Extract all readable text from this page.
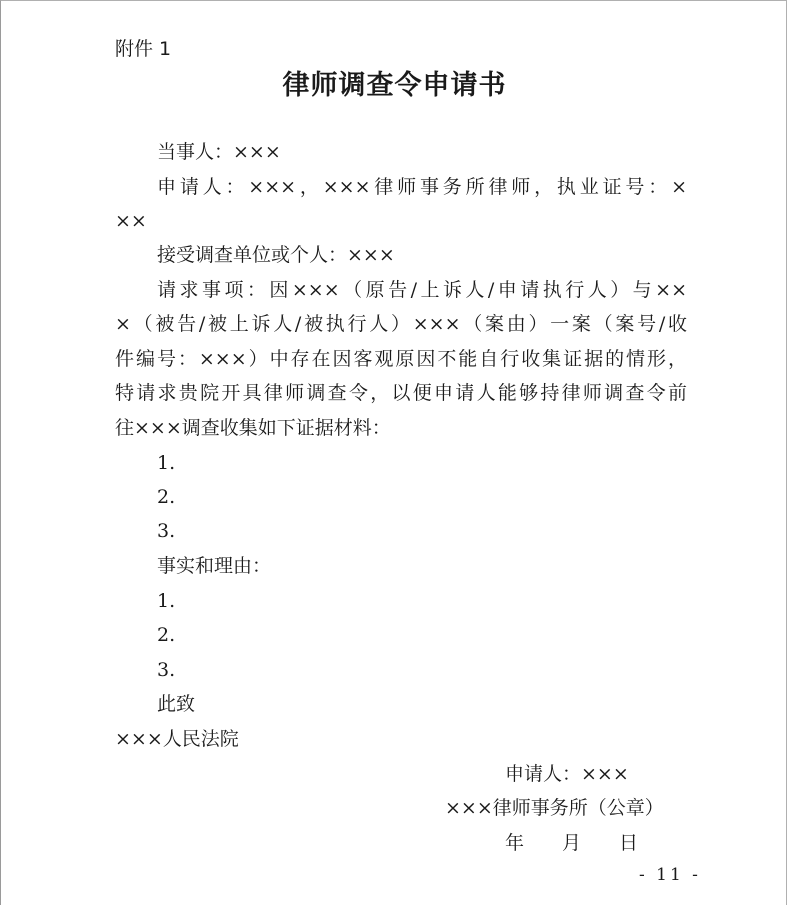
附件 1
律师调查令申请书
当事人：×××
申请人：×××，×××律师事务所律师，执业证号：×
××
接受调查单位或个人：×××
请求事项：因×××（原告/上诉人/申请执行人）与××
×（被告/被上诉人/被执行人）×××（案由）一案（案号/收
件编号：×××）中存在因客观原因不能自行收集证据的情形，
特请求贵院开具律师调查令，以便申请人能够持律师调查令前
往×××调查收集如下证据材料：
1.
2.
3.
事实和理由：
1.
2.
3.
此致
×××人民法院
申请人：×××
×××律师事务所（公章）
年　　月　　日
- 11 -
